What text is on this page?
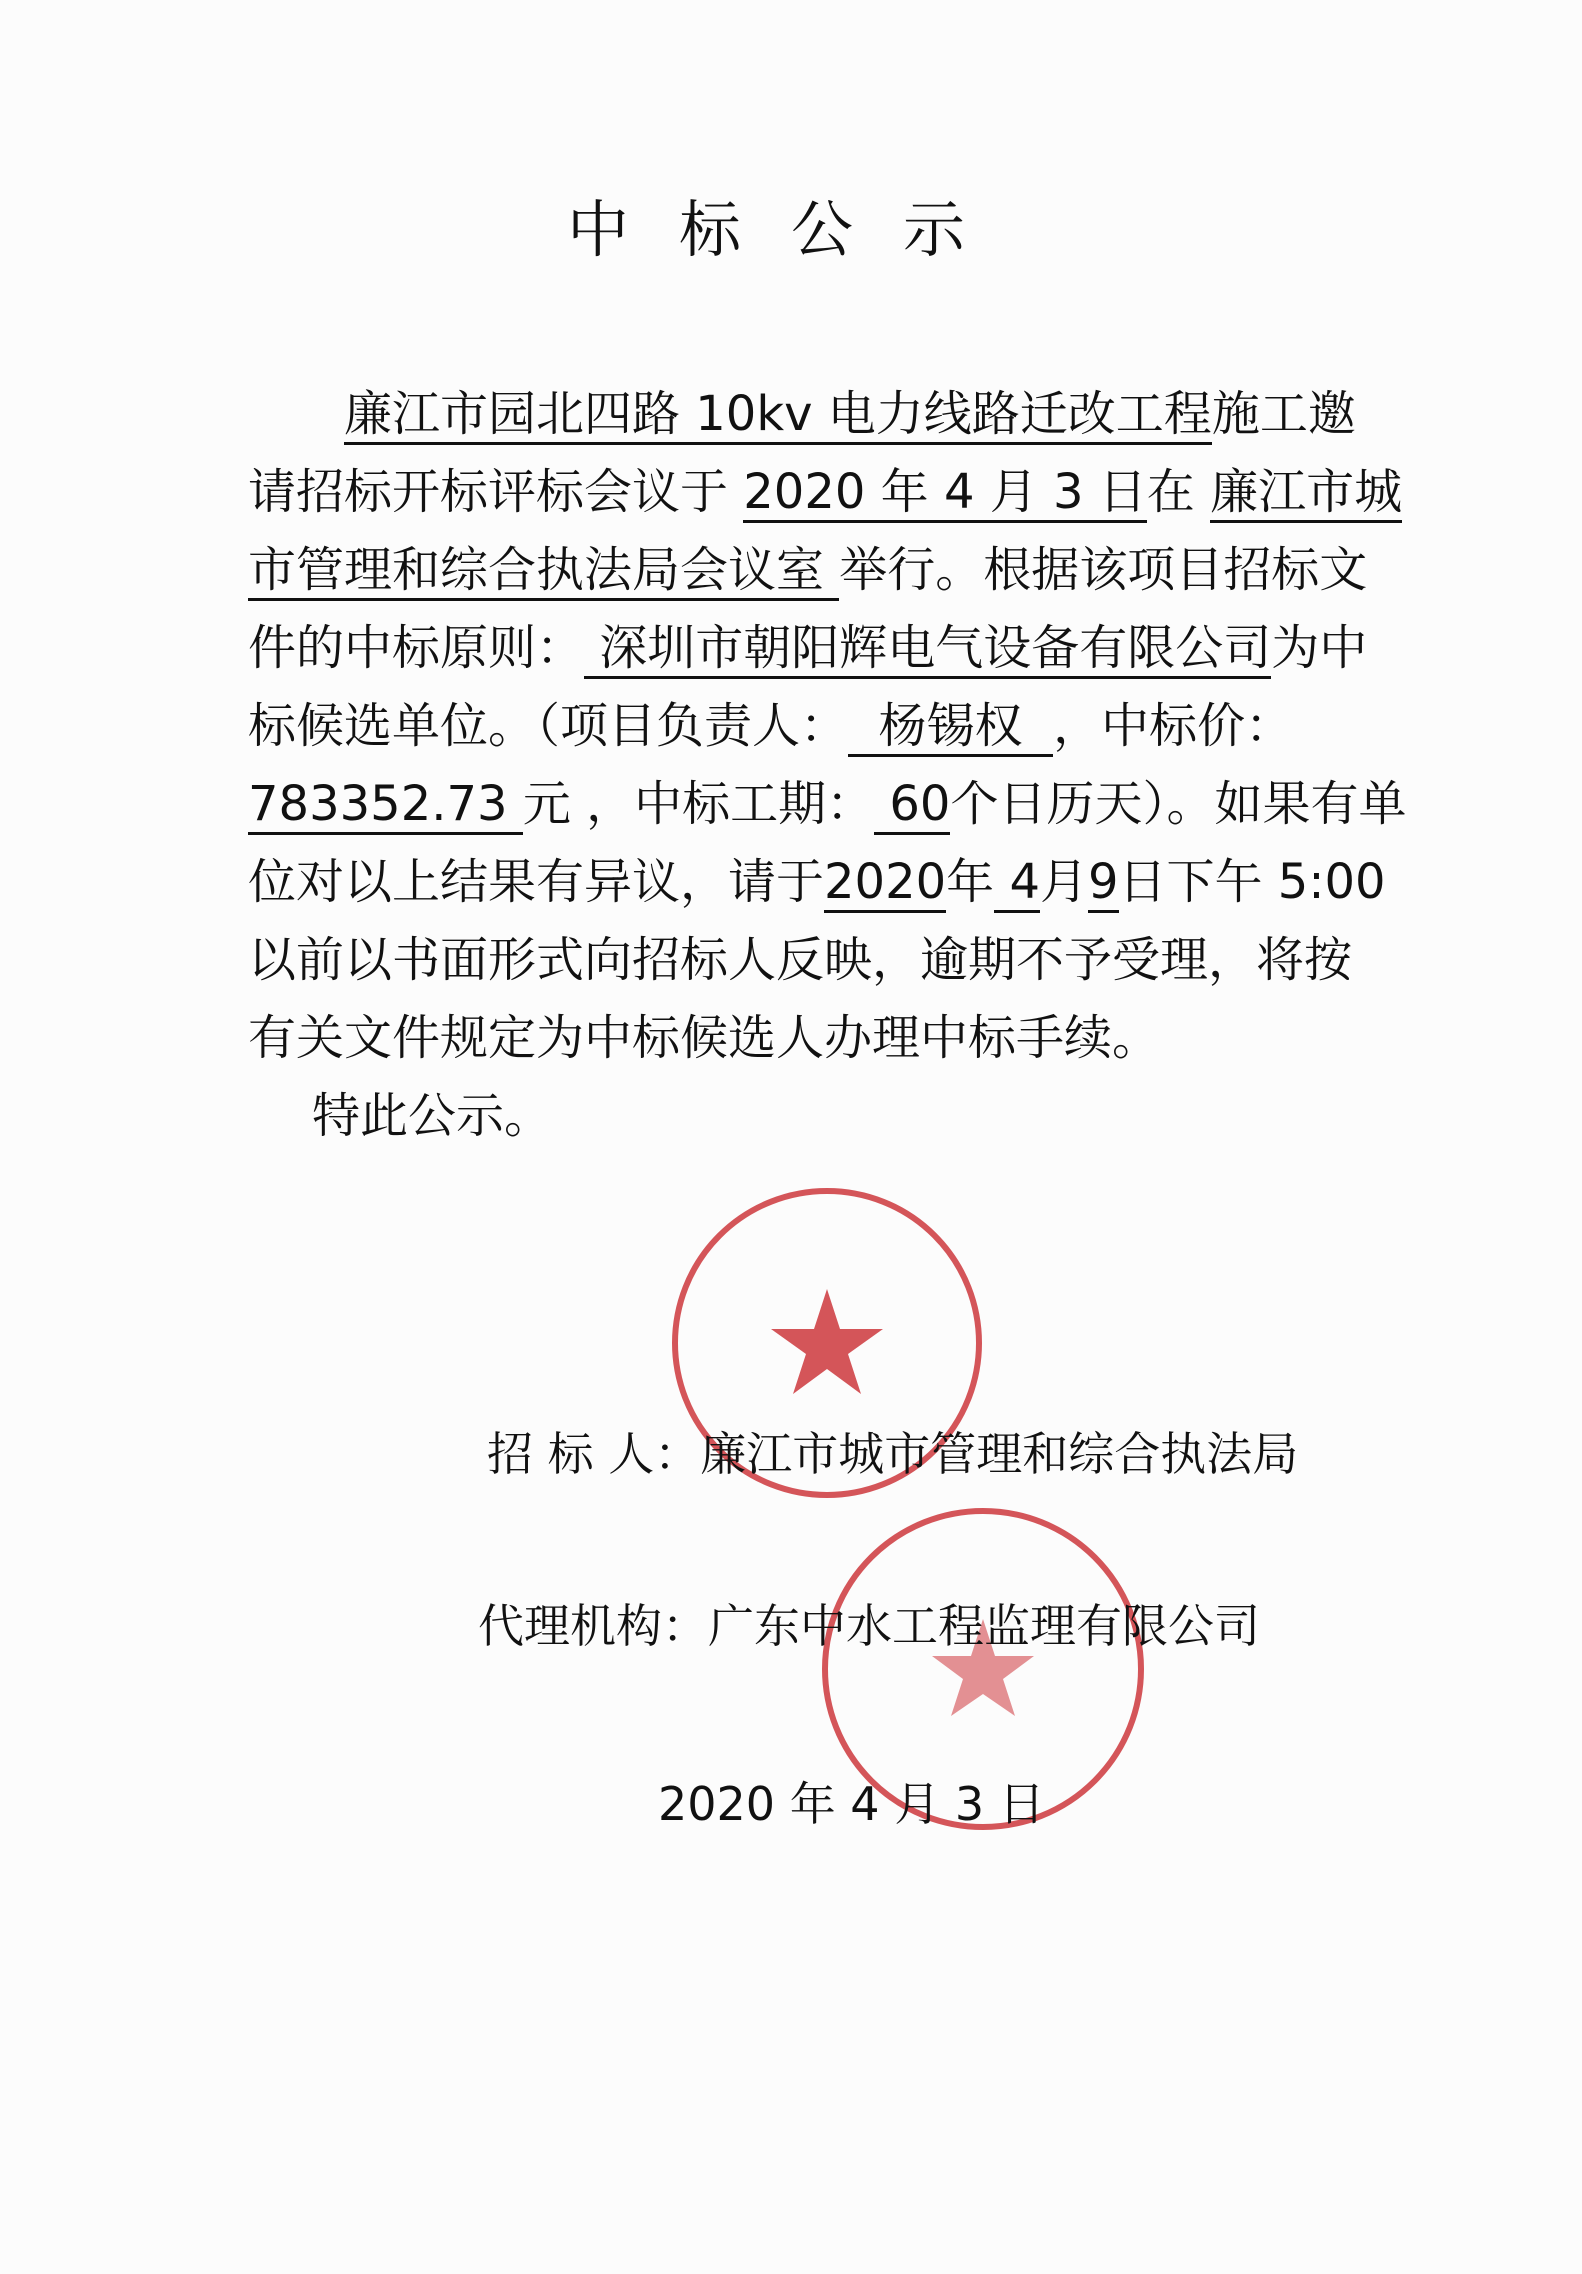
中标公示
廉江市园北四路 10kv 电力线路迁改工程施工邀
请招标开标评标会议于 2020 年 4 月 3 日在 廉江市城
市管理和综合执法局会议室 举行。根据该项目招标文
件的中标原则： 深圳市朝阳辉电气设备有限公司为中
标候选单位。（项目负责人：  杨锡权  ，中标价：
783352.73 元 ，中标工期： 60个日历天）。如果有单
位对以上结果有异议，请于2020年 4月9日下午 5:00
以前以书面形式向招标人反映，逾期不予受理，将按
有关文件规定为中标候选人办理中标手续。
特此公示。
招 标 人：廉江市城市管理和综合执法局
代理机构：广东中水工程监理有限公司
2020 年 4 月 3 日
